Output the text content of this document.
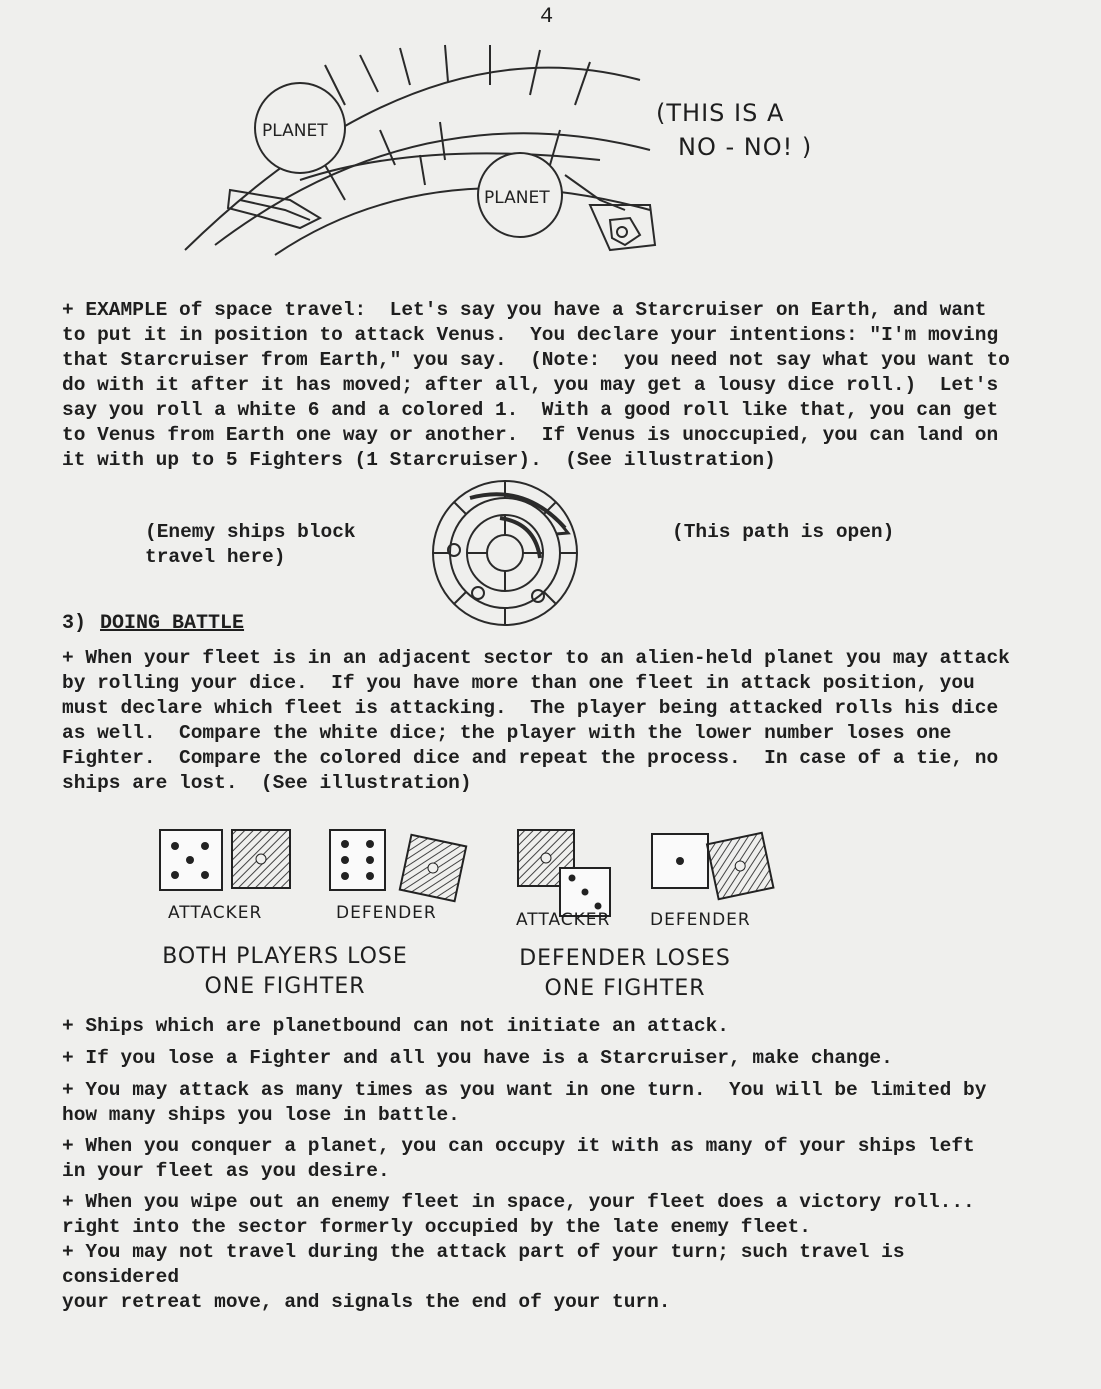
4
PLANET
PLANET
(THIS IS A
NO - NO! )
+ EXAMPLE of space travel:  Let's say you have a Starcruiser on Earth, and want
to put it in position to attack Venus.  You declare your intentions: "I'm moving
that Starcruiser from Earth," you say.  (Note:  you need not say what you want to
do with it after it has moved; after all, you may get a lousy dice roll.)  Let's
say you roll a white 6 and a colored 1.  With a good roll like that, you can get
to Venus from Earth one way or another.  If Venus is unoccupied, you can land on
it with up to 5 Fighters (1 Starcruiser).  (See illustration)
(Enemy ships block
travel here)
(This path is open)
3) DOING BATTLE
+ When your fleet is in an adjacent sector to an alien-held planet you may attack
by rolling your dice.  If you have more than one fleet in attack position, you
must declare which fleet is attacking.  The player being attacked rolls his dice
as well.  Compare the white dice; the player with the lower number loses one
Fighter.  Compare the colored dice and repeat the process.  In case of a tie, no
ships are lost.  (See illustration)
ATTACKER	DEFENDER	ATTACKER DEFENDER
BOTH PLAYERS LOSE
ONE FIGHTER
DEFENDER LOSES
ONE FIGHTER
+ Ships which are planetbound can not initiate an attack.
+ If you lose a Fighter and all you have is a Starcruiser, make change.
+ You may attack as many times as you want in one turn.  You will be limited by
how many ships you lose in battle.
+ When you conquer a planet, you can occupy it with as many of your ships left
in your fleet as you desire.
+ When you wipe out an enemy fleet in space, your fleet does a victory roll...
right into the sector formerly occupied by the late enemy fleet.
+ You may not travel during the attack part of your turn; such travel is considered
your retreat move, and signals the end of your turn.
